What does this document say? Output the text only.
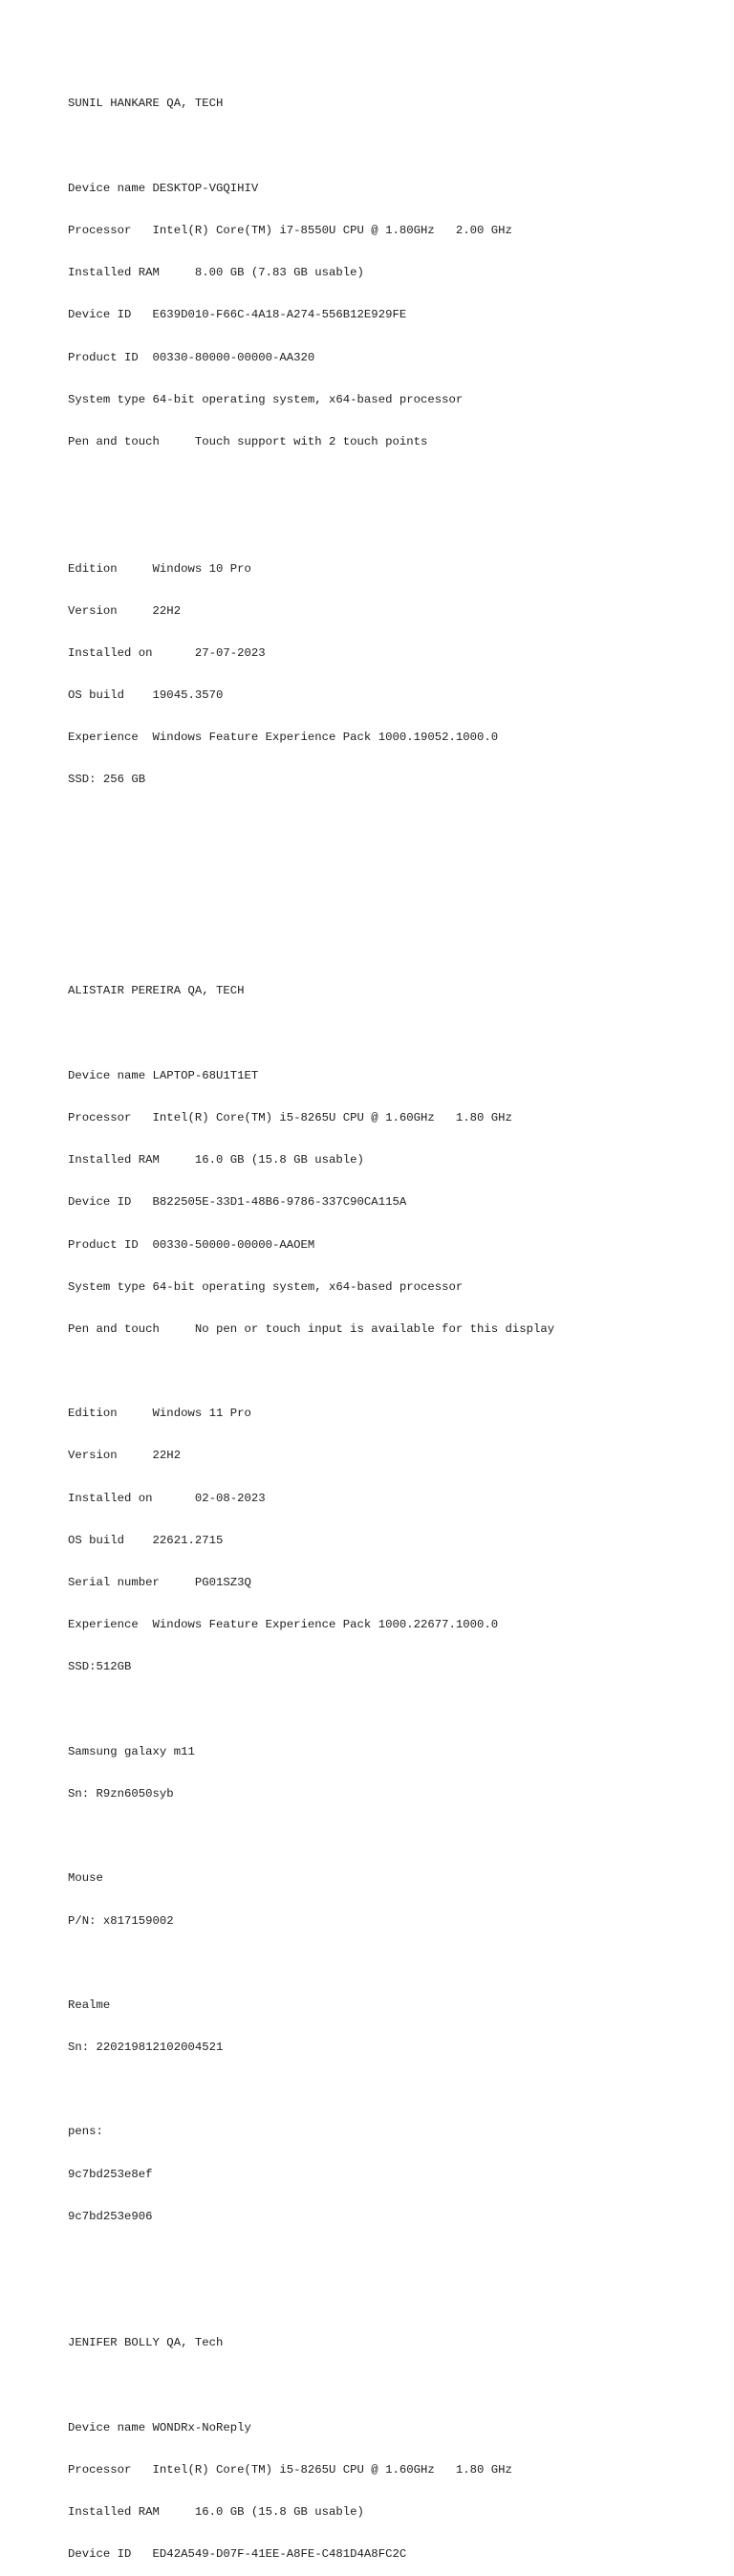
SUNIL HANKARE QA, TECH

Device name DESKTOP-VGQIHIV

Processor   Intel(R) Core(TM) i7-8550U CPU @ 1.80GHz   2.00 GHz

Installed RAM     8.00 GB (7.83 GB usable)

Device ID   E639D010-F66C-4A18-A274-556B12E929FE

Product ID  00330-80000-00000-AA320

System type 64-bit operating system, x64-based processor

Pen and touch     Touch support with 2 touch points

Edition     Windows 10 Pro

Version     22H2

Installed on      27-07-2023

OS build    19045.3570

Experience  Windows Feature Experience Pack 1000.19052.1000.0

SSD: 256 GB

ALISTAIR PEREIRA QA, TECH

Device name LAPTOP-68U1T1ET

Processor   Intel(R) Core(TM) i5-8265U CPU @ 1.60GHz   1.80 GHz

Installed RAM     16.0 GB (15.8 GB usable)

Device ID   B822505E-33D1-48B6-9786-337C90CA115A

Product ID  00330-50000-00000-AAOEM

System type 64-bit operating system, x64-based processor

Pen and touch     No pen or touch input is available for this display

Edition     Windows 11 Pro

Version     22H2

Installed on      02-08-2023

OS build    22621.2715

Serial number     PG01SZ3Q

Experience  Windows Feature Experience Pack 1000.22677.1000.0

SSD:512GB

Samsung galaxy m11

Sn: R9zn6050syb

Mouse

P/N: x817159002

Realme

Sn: 220219812102004521

pens:

9c7bd253e8ef

9c7bd253e906

JENIFER BOLLY QA, Tech

Device name WONDRx-NoReply

Processor   Intel(R) Core(TM) i5-8265U CPU @ 1.60GHz   1.80 GHz

Installed RAM     16.0 GB (15.8 GB usable)

Device ID   ED42A549-D07F-41EE-A8FE-C481D4A8FC2C
